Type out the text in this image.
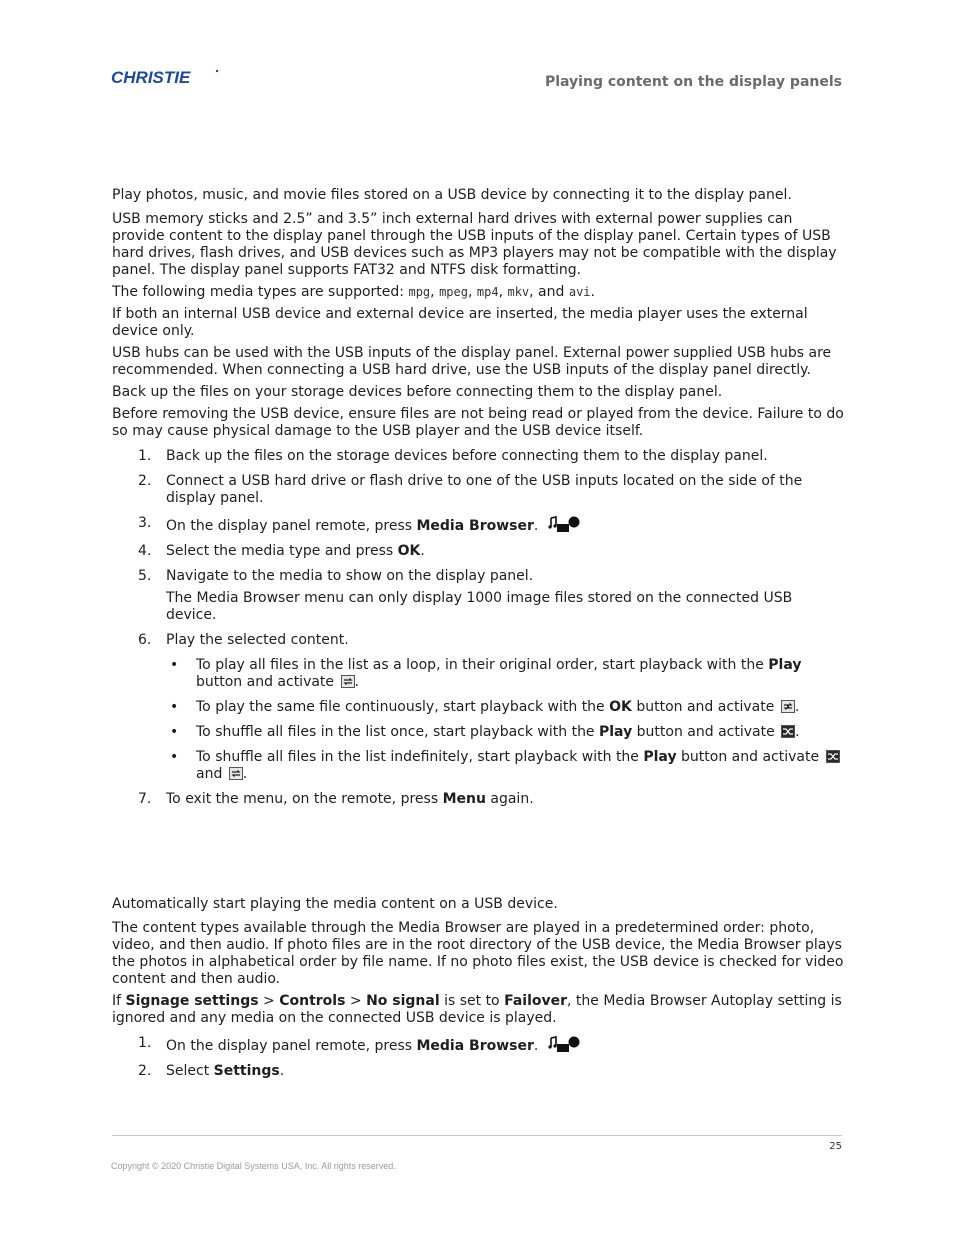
CHRISTIE	Playing content on the display panels

Play photos, music, and movie files stored on a USB device by connecting it to the display panel.

USB memory sticks and 2.5” and 3.5” inch external hard drives with external power supplies can provide content to the display panel through the USB inputs of the display panel. Certain types of USB hard drives, flash drives, and USB devices such as MP3 players may not be compatible with the display panel. The display panel supports FAT32 and NTFS disk formatting.

The following media types are supported: mpg, mpeg, mp4, mkv, and avi.

If both an internal USB device and external device are inserted, the media player uses the external device only.

USB hubs can be used with the USB inputs of the display panel. External power supplied USB hubs are recommended. When connecting a USB hard drive, use the USB inputs of the display panel directly.

Back up the files on your storage devices before connecting them to the display panel.

Before removing the USB device, ensure files are not being read or played from the device. Failure to do so may cause physical damage to the USB player and the USB device itself.

1. Back up the files on the storage devices before connecting them to the display panel.
2. Connect a USB hard drive or flash drive to one of the USB inputs located on the side of the display panel.
3. On the display panel remote, press Media Browser.
4. Select the media type and press OK.
5. Navigate to the media to show on the display panel.
The Media Browser menu can only display 1000 image files stored on the connected USB device.
6. Play the selected content.
• To play all files in the list as a loop, in their original order, start playback with the Play button and activate .
• To play the same file continuously, start playback with the OK button and activate .
• To shuffle all files in the list once, start playback with the Play button and activate .
• To shuffle all files in the list indefinitely, start playback with the Play button and activate  and .
7. To exit the menu, on the remote, press Menu again.

Automatically start playing the media content on a USB device.

The content types available through the Media Browser are played in a predetermined order: photo, video, and then audio. If photo files are in the root directory of the USB device, the Media Browser plays the photos in alphabetical order by file name. If no photo files exist, the USB device is checked for video content and then audio.

If Signage settings > Controls > No signal is set to Failover, the Media Browser Autoplay setting is ignored and any media on the connected USB device is played.

1. On the display panel remote, press Media Browser.
2. Select Settings.
25
Copyright © 2020 Christie Digital Systems USA, Inc. All rights reserved.
